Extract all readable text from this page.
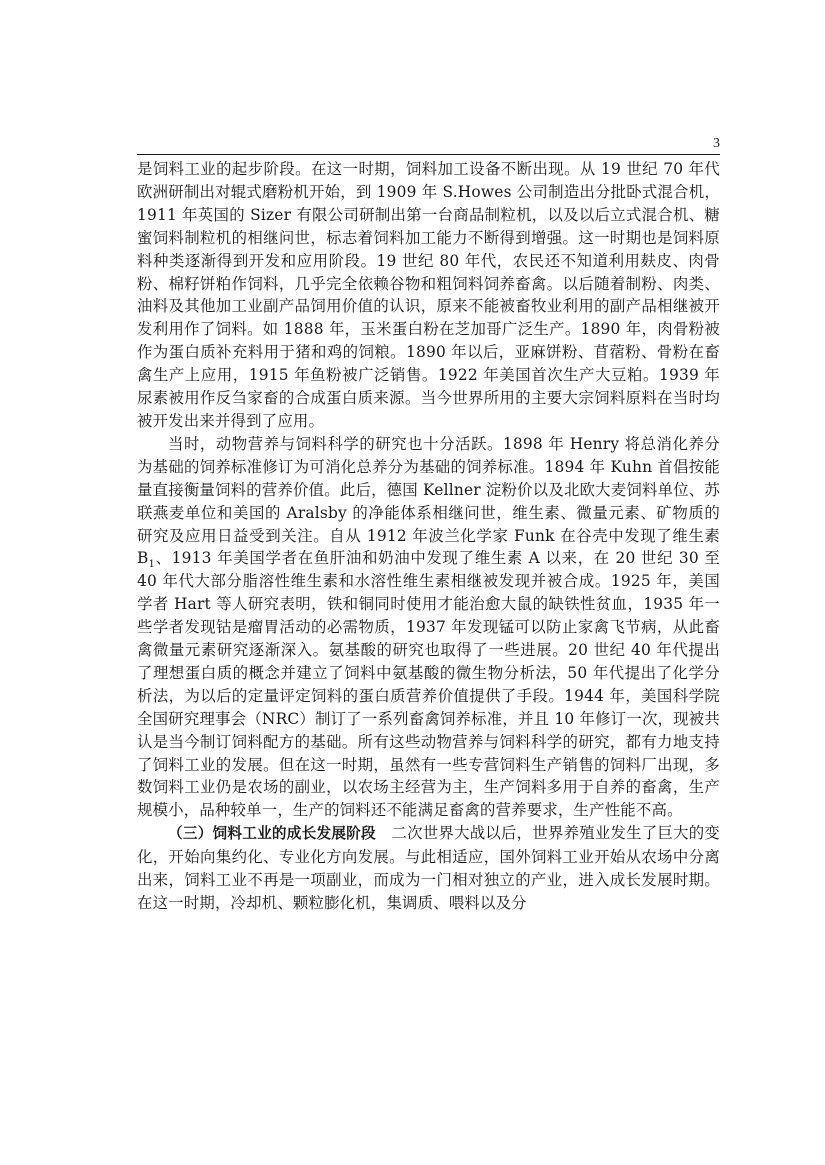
3

是饲料工业的起步阶段。在这一时期，饲料加工设备不断出现。从 19 世纪 70 年代欧洲研制出对辊式磨粉机开始，到 1909 年 S.Howes 公司制造出分批卧式混合机，1911 年英国的 Sizer 有限公司研制出第一台商品制粒机，以及以后立式混合机、糖蜜饲料制粒机的相继问世，标志着饲料加工能力不断得到增强。这一时期也是饲料原料种类逐渐得到开发和应用阶段。19 世纪 80 年代，农民还不知道利用麸皮、肉骨粉、棉籽饼粕作饲料，几乎完全依赖谷物和粗饲料饲养畜禽。以后随着制粉、肉类、油料及其他加工业副产品饲用价值的认识，原来不能被畜牧业利用的副产品相继被开发利用作了饲料。如 1888 年，玉米蛋白粉在芝加哥广泛生产。1890 年，肉骨粉被作为蛋白质补充料用于猪和鸡的饲粮。1890 年以后，亚麻饼粉、苜蓿粉、骨粉在畜禽生产上应用，1915 年鱼粉被广泛销售。1922 年美国首次生产大豆粕。1939 年尿素被用作反刍家畜的合成蛋白质来源。当今世界所用的主要大宗饲料原料在当时均被开发出来并得到了应用。

当时，动物营养与饲料科学的研究也十分活跃。1898 年 Henry 将总消化养分为基础的饲养标准修订为可消化总养分为基础的饲养标准。1894 年 Kuhn 首倡按能量直接衡量饲料的营养价值。此后，德国 Kellner 淀粉价以及北欧大麦饲料单位、苏联燕麦单位和美国的 Aralsby 的净能体系相继问世，维生素、微量元素、矿物质的研究及应用日益受到关注。自从 1912 年波兰化学家 Funk 在谷壳中发现了维生素 $B_1$、1913 年美国学者在鱼肝油和奶油中发现了维生素 A 以来，在 20 世纪 30 至 40 年代大部分脂溶性维生素和水溶性维生素相继被发现并被合成。1925 年，美国学者 Hart 等人研究表明，铁和铜同时使用才能治愈大鼠的缺铁性贫血，1935 年一些学者发现钴是瘤胃活动的必需物质，1937 年发现锰可以防止家禽飞节病，从此畜禽微量元素研究逐渐深入。氨基酸的研究也取得了一些进展。20 世纪 40 年代提出了理想蛋白质的概念并建立了饲料中氨基酸的微生物分析法，50 年代提出了化学分析法，为以后的定量评定饲料的蛋白质营养价值提供了手段。1944 年，美国科学院全国研究理事会（NRC）制订了一系列畜禽饲养标准，并且 10 年修订一次，现被共认是当今制订饲料配方的基础。所有这些动物营养与饲料科学的研究，都有力地支持了饲料工业的发展。但在这一时期，虽然有一些专营饲料生产销售的饲料厂出现，多数饲料工业仍是农场的副业，以农场主经营为主，生产饲料多用于自养的畜禽，生产规模小，品种较单一，生产的饲料还不能满足畜禽的营养要求，生产性能不高。

（三）饲料工业的成长发展阶段　二次世界大战以后，世界养殖业发生了巨大的变化，开始向集约化、专业化方向发展。与此相适应，国外饲料工业开始从农场中分离出来，饲料工业不再是一项副业，而成为一门相对独立的产业，进入成长发展时期。在这一时期，冷却机、颗粒膨化机，集调质、喂料以及分
